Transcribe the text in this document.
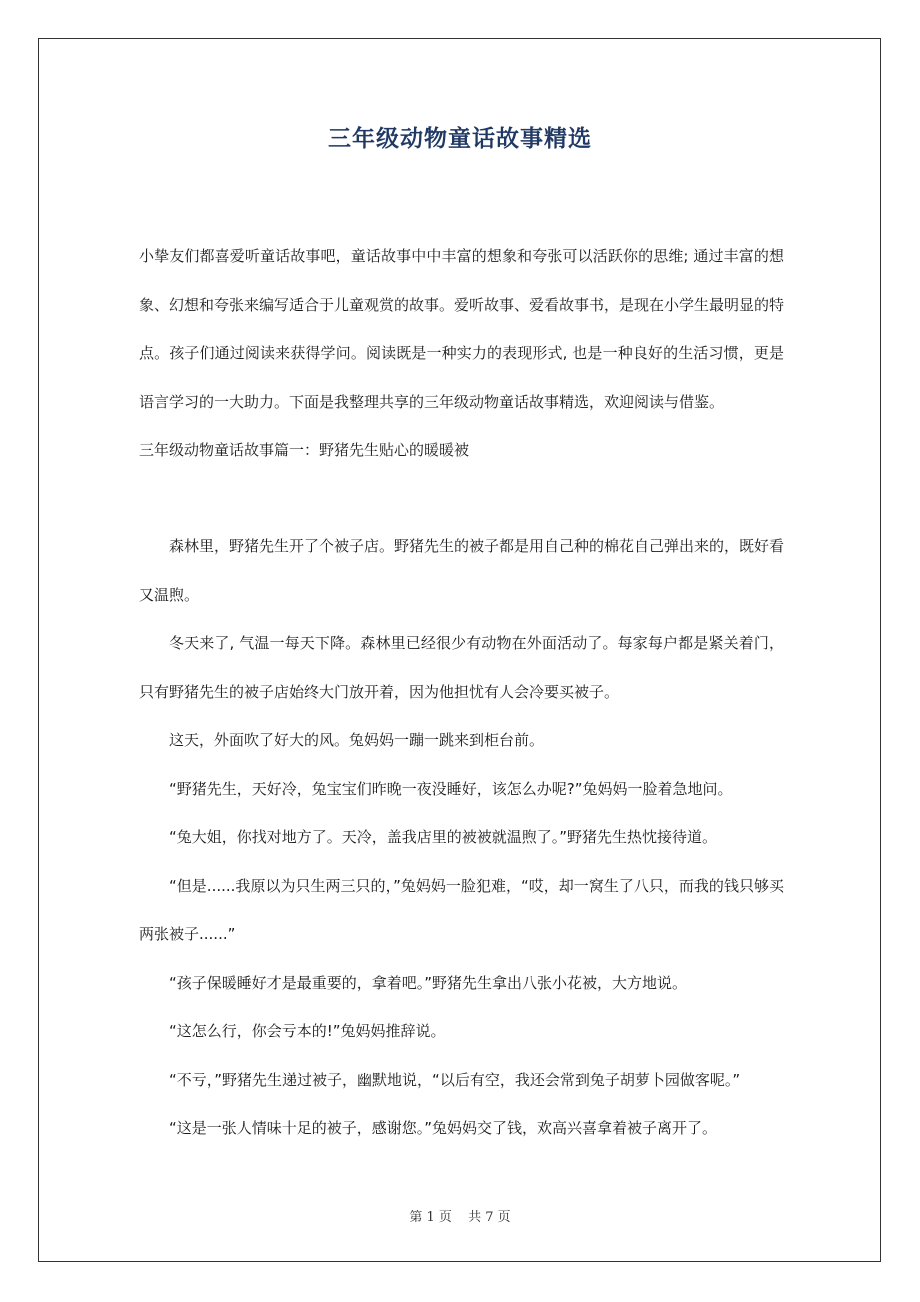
三年级动物童话故事精选

小挚友们都喜爱听童话故事吧，童话故事中中丰富的想象和夸张可以活跃你的思维; 通过丰富的想象、幻想和夸张来编写适合于儿童观赏的故事。爱听故事、爱看故事书，是现在小学生最明显的特点。孩子们通过阅读来获得学问。阅读既是一种实力的表现形式, 也是一种良好的生活习惯，更是语言学习的一大助力。下面是我整理共享的三年级动物童话故事精选，欢迎阅读与借鉴。

三年级动物童话故事篇一：野猪先生贴心的暖暖被

森林里，野猪先生开了个被子店。野猪先生的被子都是用自己种的棉花自己弹出来的，既好看又温煦。

冬天来了, 气温一每天下降。森林里已经很少有动物在外面活动了。每家每户都是紧关着门，只有野猪先生的被子店始终大门放开着，因为他担忧有人会冷要买被子。

这天，外面吹了好大的风。兔妈妈一蹦一跳来到柜台前。

“野猪先生，天好冷，兔宝宝们昨晚一夜没睡好，该怎么办呢?”兔妈妈一脸着急地问。

“兔大姐，你找对地方了。天冷，盖我店里的被被就温煦了。”野猪先生热忱接待道。

“但是......我原以为只生两三只的，”兔妈妈一脸犯难，“哎，却一窝生了八只，而我的钱只够买两张被子......”

“孩子保暖睡好才是最重要的，拿着吧。”野猪先生拿出八张小花被，大方地说。

“这怎么行，你会亏本的!”兔妈妈推辞说。

“不亏，”野猪先生递过被子，幽默地说，“以后有空，我还会常到兔子胡萝卜园做客呢。”

“这是一张人情味十足的被子，感谢您。”兔妈妈交了钱，欢高兴喜拿着被子离开了。

第 1 页 共 7 页
